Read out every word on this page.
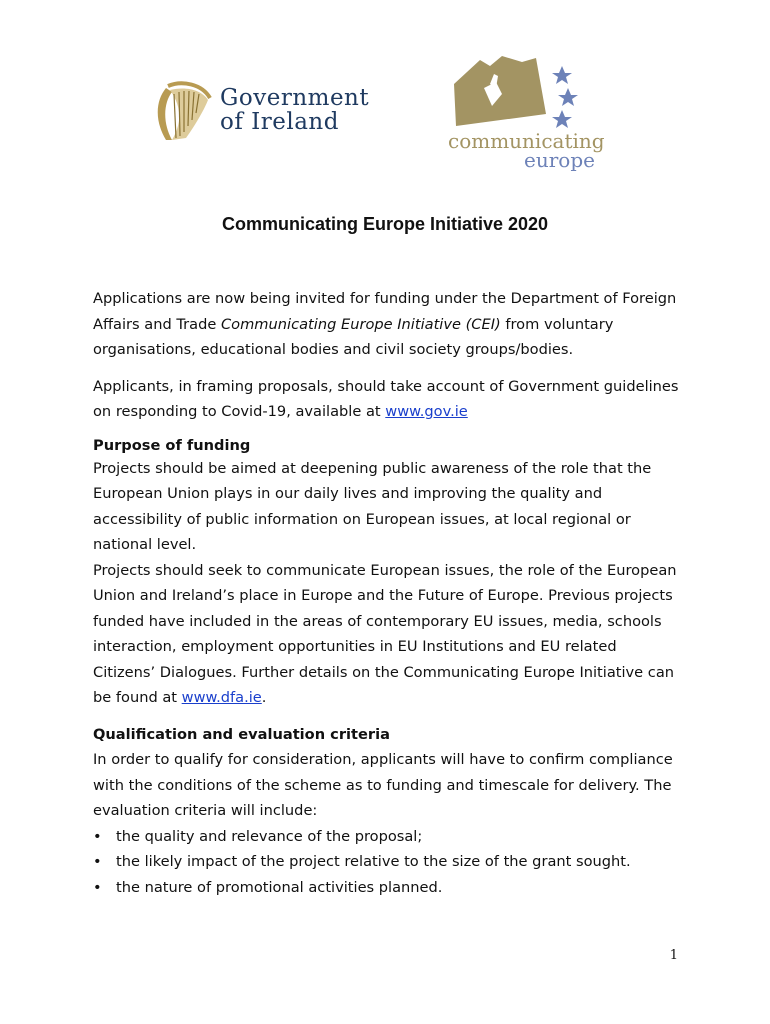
Government
of Ireland
communicating
europe
Communicating Europe Initiative 2020

Applications are now being invited for funding under the Department of Foreign Affairs and Trade Communicating Europe Initiative (CEI) from voluntary organisations, educational bodies and civil society groups/bodies.

Applicants, in framing proposals, should take account of Government guidelines on responding to Covid-19, available at www.gov.ie

Purpose of funding

Projects should be aimed at deepening public awareness of the role that the European Union plays in our daily lives and improving the quality and accessibility of public information on European issues, at local regional or national level.

Projects should seek to communicate European issues, the role of the European Union and Ireland’s place in Europe and the Future of Europe. Previous projects funded have included in the areas of contemporary EU issues, media, schools interaction, employment opportunities in EU Institutions and EU related Citizens’ Dialogues. Further details on the Communicating Europe Initiative can be found at www.dfa.ie.

Qualification and evaluation criteria

In order to qualify for consideration, applicants will have to confirm compliance with the conditions of the scheme as to funding and timescale for delivery. The evaluation criteria will include:

• the quality and relevance of the proposal;
• the likely impact of the project relative to the size of the grant sought.
• the nature of promotional activities planned.
1
